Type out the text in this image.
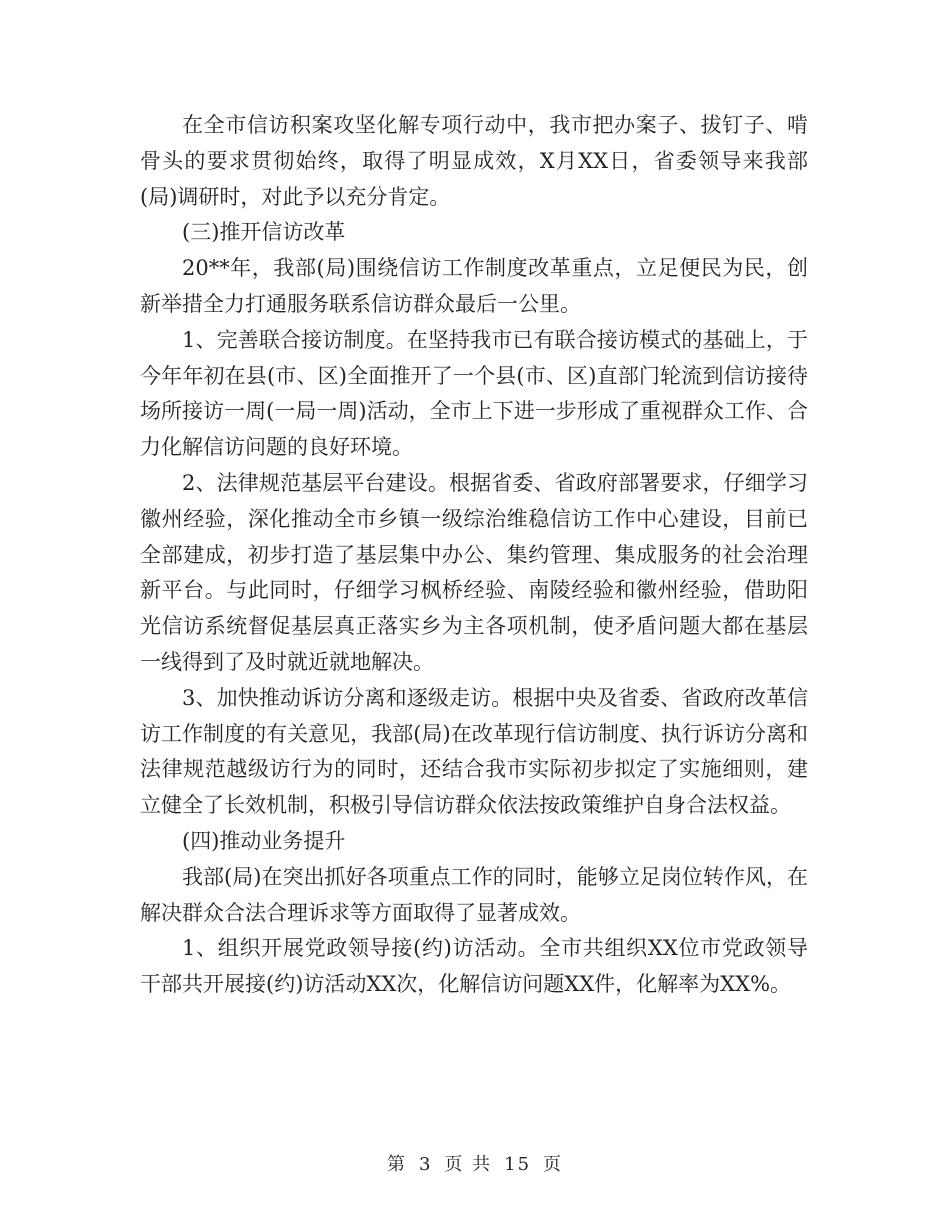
在全市信访积案攻坚化解专项行动中，我市把办案子、拔钉子、啃骨头的要求贯彻始终，取得了明显成效，X月XX日，省委领导来我部(局)调研时，对此予以充分肯定。

(三)推开信访改革

20**年，我部(局)围绕信访工作制度改革重点，立足便民为民，创新举措全力打通服务联系信访群众最后一公里。

1、完善联合接访制度。在坚持我市已有联合接访模式的基础上，于今年年初在县(市、区)全面推开了一个县(市、区)直部门轮流到信访接待场所接访一周(一局一周)活动，全市上下进一步形成了重视群众工作、合力化解信访问题的良好环境。

2、法律规范基层平台建设。根据省委、省政府部署要求，仔细学习徽州经验，深化推动全市乡镇一级综治维稳信访工作中心建设，目前已全部建成，初步打造了基层集中办公、集约管理、集成服务的社会治理新平台。与此同时，仔细学习枫桥经验、南陵经验和徽州经验，借助阳光信访系统督促基层真正落实乡为主各项机制，使矛盾问题大都在基层一线得到了及时就近就地解决。

3、加快推动诉访分离和逐级走访。根据中央及省委、省政府改革信访工作制度的有关意见，我部(局)在改革现行信访制度、执行诉访分离和法律规范越级访行为的同时，还结合我市实际初步拟定了实施细则，建立健全了长效机制，积极引导信访群众依法按政策维护自身合法权益。

(四)推动业务提升

我部(局)在突出抓好各项重点工作的同时，能够立足岗位转作风，在解决群众合法合理诉求等方面取得了显著成效。

1、组织开展党政领导接(约)访活动。全市共组织XX位市党政领导干部共开展接(约)访活动XX次，化解信访问题XX件，化解率为XX%。

第 3 页 共 15 页
